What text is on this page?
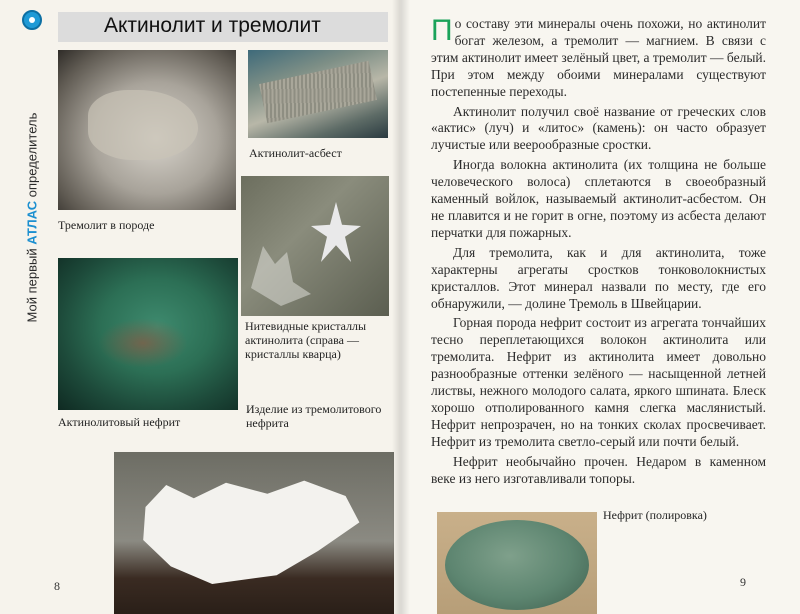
Мой первый АТЛАС определитель
Актинолит и тремолит
Тремолит в породе
Актинолит-асбест
Нитевидные кристаллы актинолита (справа — кристаллы кварца)
Актинолитовый нефрит
Изделие из тремолитового нефрита
8

По составу эти минералы очень похожи, но актинолит богат железом, а тремолит — магнием. В связи с этим актинолит имеет зелёный цвет, а тремолит — белый. При этом между обоими минералами существуют постепенные переходы.

Актинолит получил своё название от греческих слов «актис» (луч) и «литос» (камень): он часто образует лучистые или веерообразные сростки.

Иногда волокна актинолита (их толщина не больше человеческого волоса) сплетаются в своеобразный каменный войлок, называемый актинолит-асбестом. Он не плавится и не горит в огне, поэтому из асбеста делают перчатки для пожарных.

Для тремолита, как и для актинолита, тоже характерны агрегаты сростков тонковолокнистых кристаллов. Этот минерал назвали по месту, где его обнаружили, — долине Тремоль в Швейцарии.

Горная порода нефрит состоит из агрегата тончайших тесно переплетающихся волокон актинолита или тремолита. Нефрит из актинолита имеет довольно разнообразные оттенки зелёного — насыщенной летней листвы, нежного молодого салата, яркого шпината. Блеск хорошо отполированного камня слегка маслянистый. Нефрит непрозрачен, но на тонких сколах просвечивает. Нефрит из тремолита светло-серый или почти белый.

Нефрит необычайно прочен. Недаром в каменном веке из него изготавливали топоры.

Нефрит (полировка)
9
